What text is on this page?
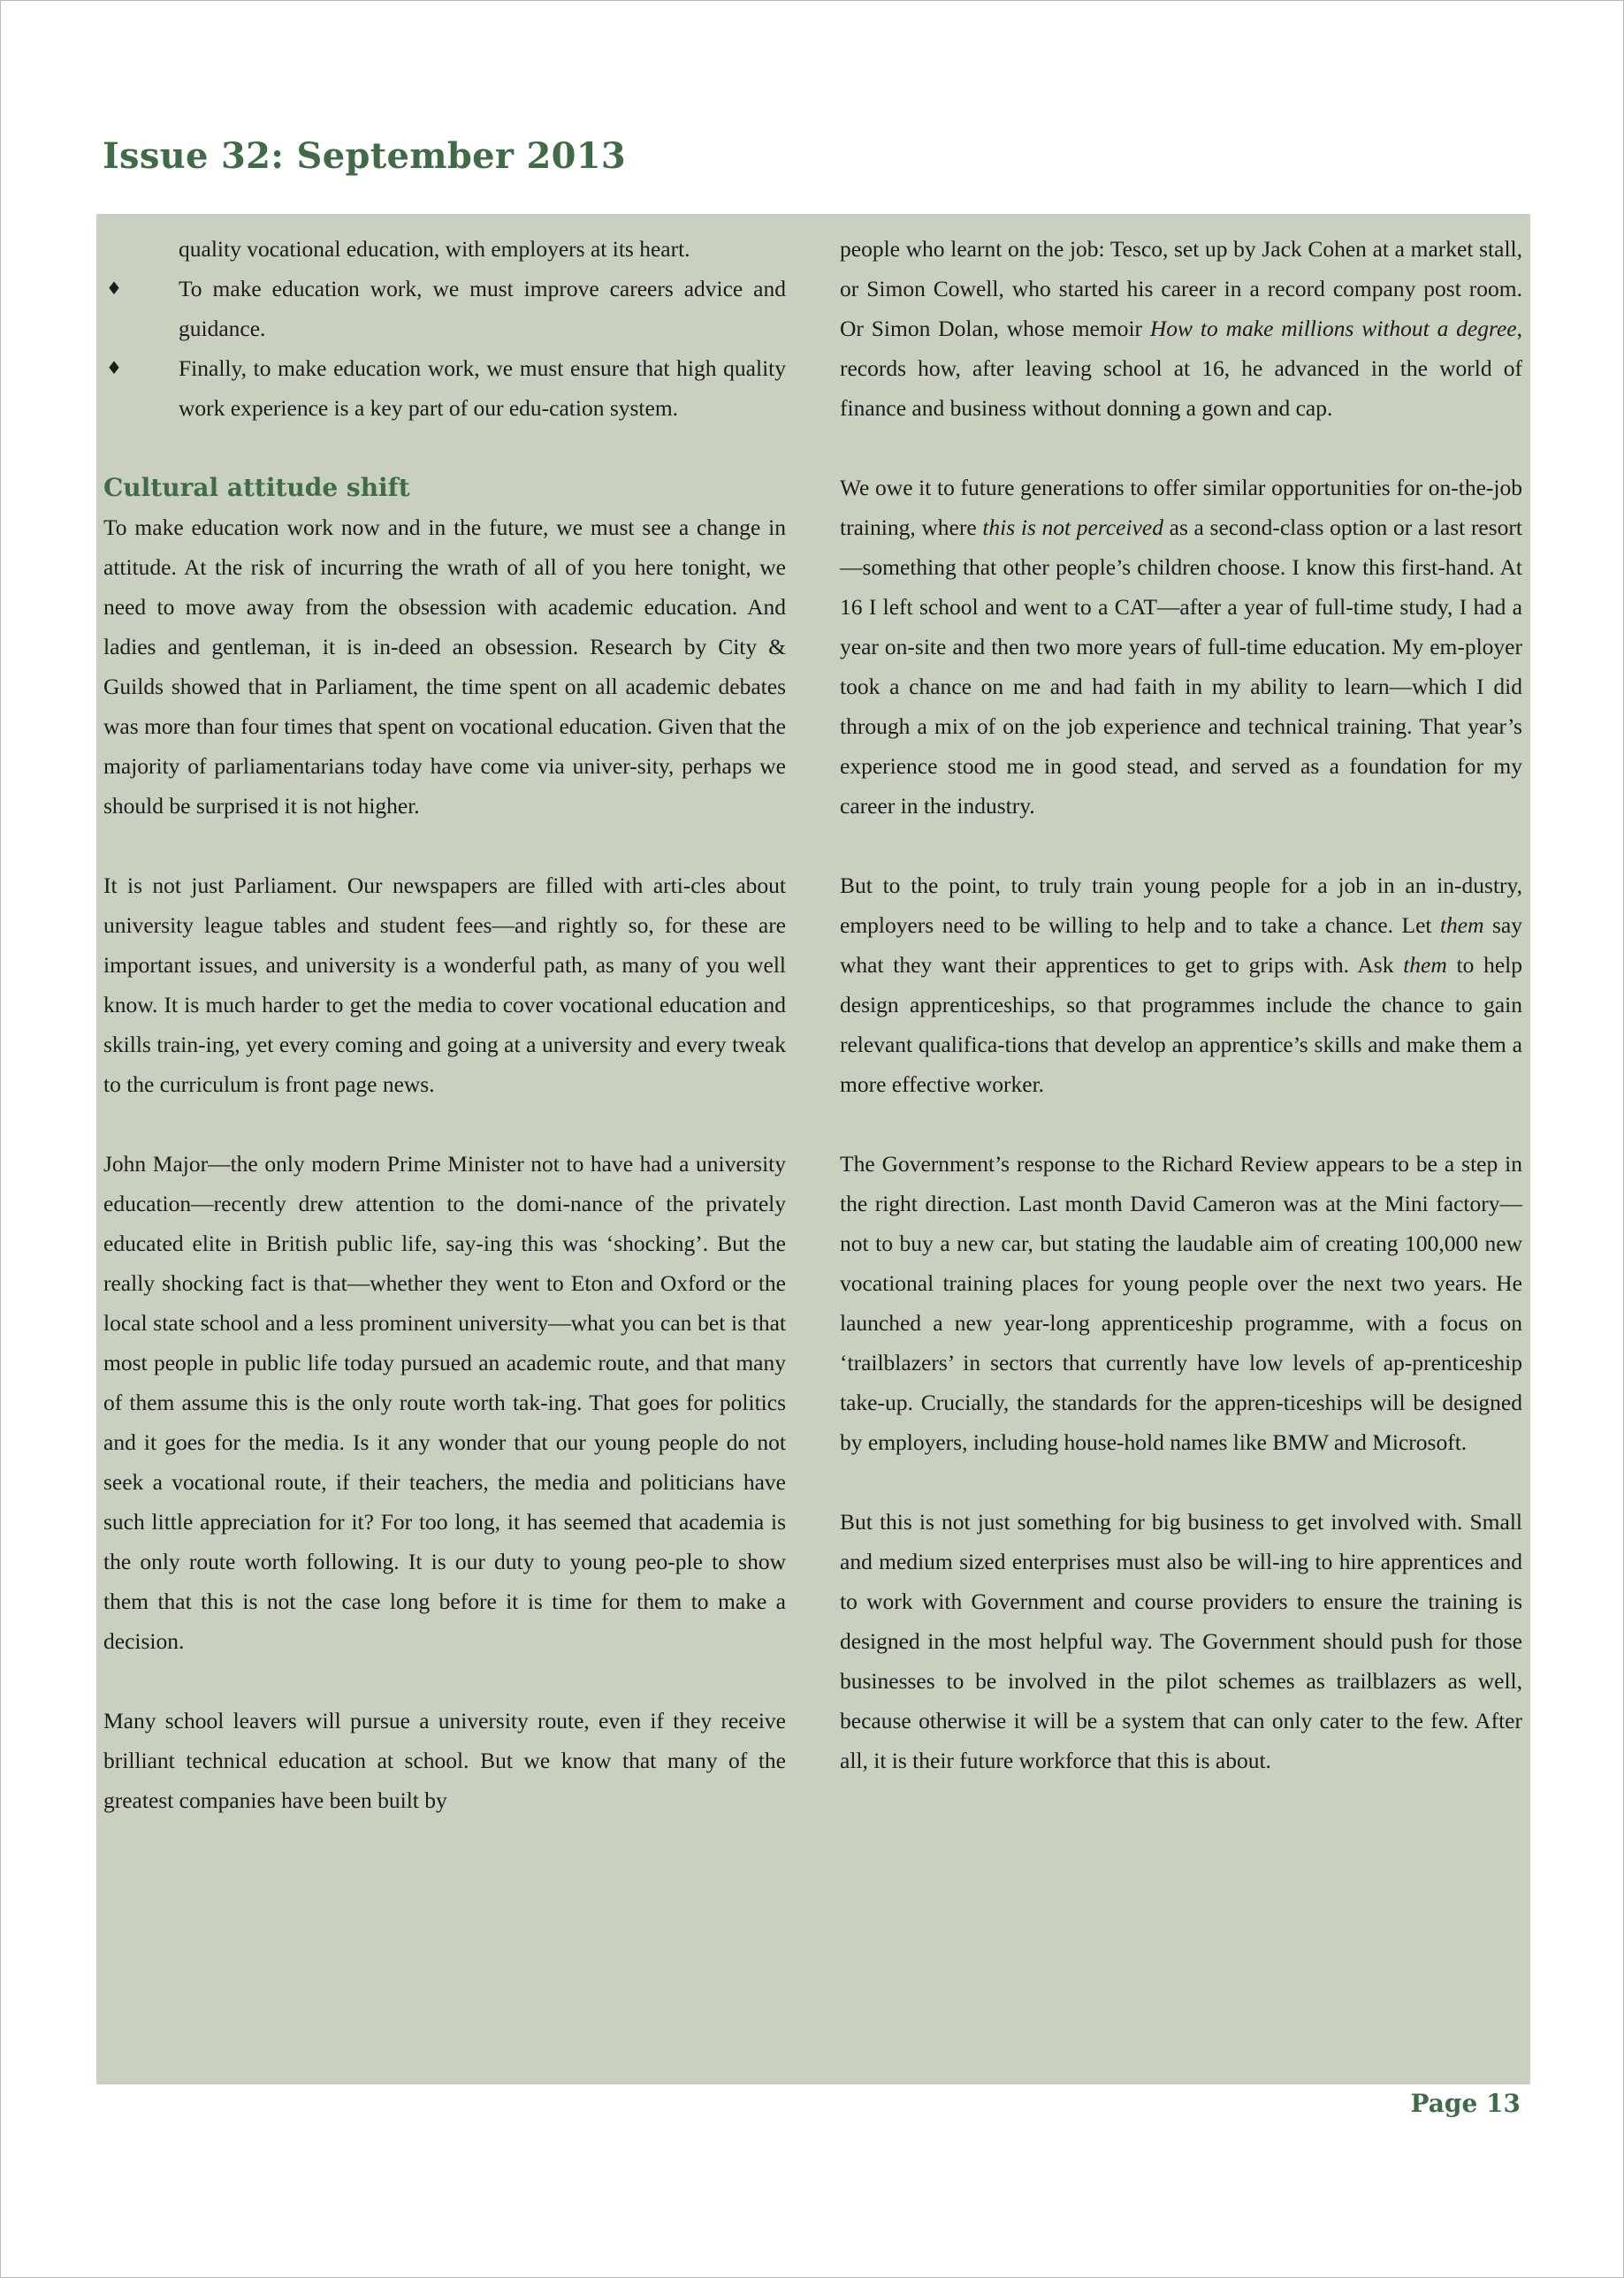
Issue 32: September 2013

quality vocational education, with employers at its heart.

♦	To make education work, we must improve careers advice and guidance.

♦	Finally, to make education work, we must ensure that high quality work experience is a key part of our edu-cation system.

Cultural attitude shift

To make education work now and in the future, we must see a change in attitude. At the risk of incurring the wrath of all of you here tonight, we need to move away from the obsession with academic education. And ladies and gentleman, it is in-deed an obsession. Research by City & Guilds showed that in Parliament, the time spent on all academic debates was more than four times that spent on vocational education. Given that the majority of parliamentarians today have come via univer-sity, perhaps we should be surprised it is not higher.

It is not just Parliament. Our newspapers are filled with arti-cles about university league tables and student fees—and rightly so, for these are important issues, and university is a wonderful path, as many of you well know. It is much harder to get the media to cover vocational education and skills train-ing, yet every coming and going at a university and every tweak to the curriculum is front page news.

John Major—the only modern Prime Minister not to have had a university education—recently drew attention to the domi-nance of the privately educated elite in British public life, say-ing this was ‘shocking’. But the really shocking fact is that—whether they went to Eton and Oxford or the local state school and a less prominent university—what you can bet is that most people in public life today pursued an academic route, and that many of them assume this is the only route worth tak-ing. That goes for politics and it goes for the media. Is it any wonder that our young people do not seek a vocational route, if their teachers, the media and politicians have such little appreciation for it? For too long, it has seemed that academia is the only route worth following. It is our duty to young peo-ple to show them that this is not the case long before it is time for them to make a decision.

Many school leavers will pursue a university route, even if they receive brilliant technical education at school. But we know that many of the greatest companies have been built by

people who learnt on the job: Tesco, set up by Jack Cohen at a market stall, or Simon Cowell, who started his career in a record company post room. Or Simon Dolan, whose memoir How to make millions without a degree, records how, after leaving school at 16, he advanced in the world of finance and business without donning a gown and cap.

We owe it to future generations to offer similar opportunities for on-the-job training, where this is not perceived as a second-class option or a last resort—something that other people’s children choose. I know this first-hand. At 16 I left school and went to a CAT—after a year of full-time study, I had a year on-site and then two more years of full-time education. My em-ployer took a chance on me and had faith in my ability to learn—which I did through a mix of on the job experience and technical training. That year’s experience stood me in good stead, and served as a foundation for my career in the industry.

But to the point, to truly train young people for a job in an in-dustry, employers need to be willing to help and to take a chance. Let them say what they want their apprentices to get to grips with. Ask them to help design apprenticeships, so that programmes include the chance to gain relevant qualifica-tions that develop an apprentice’s skills and make them a more effective worker.

The Government’s response to the Richard Review appears to be a step in the right direction. Last month David Cameron was at the Mini factory—not to buy a new car, but stating the laudable aim of creating 100,000 new vocational training places for young people over the next two years. He launched a new year-long apprenticeship programme, with a focus on ‘trailblazers’ in sectors that currently have low levels of ap-prenticeship take-up. Crucially, the standards for the appren-ticeships will be designed by employers, including house-hold names like BMW and Microsoft.

But this is not just something for big business to get involved with. Small and medium sized enterprises must also be will-ing to hire apprentices and to work with Government and course providers to ensure the training is designed in the most helpful way. The Government should push for those businesses to be involved in the pilot schemes as trailblazers as well, because otherwise it will be a system that can only cater to the few. After all, it is their future workforce that this is about.

Page 13
